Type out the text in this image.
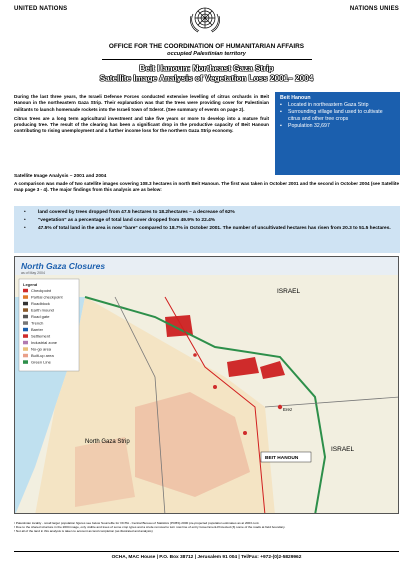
UNITED NATIONS	NATIONS UNIES
OFFICE FOR THE COORDINATION OF HUMANITARIAN AFFAIRS
occupied Palestinian territory
Beit Hanoun: Northeast Gaza Strip
Satellite Image Analysis of Vegetation Loss 2001– 2004

During the last three years, the Israeli Defense Forces conducted extensive levelling of citrus orchards in Beit Hanoun in the northeastern Gaza Strip. Their explanation was that the trees were providing cover for Palestinian militants to launch homemade rockets into the Israeli town of Sderot. (See summary of events on page 2).

Citrus trees are a long term agricultural investment and take five years or more to develop into a mature fruit producing tree. The result of the clearing has been a significant drop in the productive capacity of Beit Hanoun contributing to rising unemployment and a further income loss for the northern Gaza Strip economy.

Beit Hanoun
▪ Located in northeastern Gaza Strip
▪ Surrounding village land used to cultivate citrus and other tree crops
▪ Population 32,697
Satellite Image Analysis – 2001 and 2004
A comparison was made of two satellite images covering 108.3 hectares in north Beit Hanoun. The first was taken in October 2001 and the second in October 2004 (see Satellite map page 3 - 4). The major findings from this analysis are as below:
• land covered by trees dropped from 47.5 hectares to 18.2hectares – a decrease of 62%
• "vegetation" as a percentage of total land cover dropped from 49.9% to 22.4%
• 47.5% of total land in the area is now "bare" compared to 18.7% in October 2001. The number of uncultivated hectares has risen from 20.3 to 51.5 hectares.
North Gaza Closures
as of May 2004
Legend
Checkpoint
Partial checkpoint
Roadblock
Earth mound
Road gate
Trench
Barrier
Settlement
Industrial zone
No-go area
Built-up area
Green Line
ISRAEL
ISRAEL
Erez
BEIT HANOUN
North Gaza Strip
¹ Palestinian locality - small larger population figures see below Sourcefile for OCHA - Central Bureau of Statistics (PCBS) 2000 pre-projected population estimates as at 2003 cont.
² Due to the shared structure in the 2004 image, only visible and trees of some crop types and a crude removal to turn now line of entry Government-Protected (3) some of the roads at field boundary.
³ Not all of the land in this analysis is taken to account as land completion (as illustrated and analysis)
OCHA, MAC House | P.O. Box 38712 | Jerusalem 91 004 | Tel/Fax: +972-(0)2-5829962
